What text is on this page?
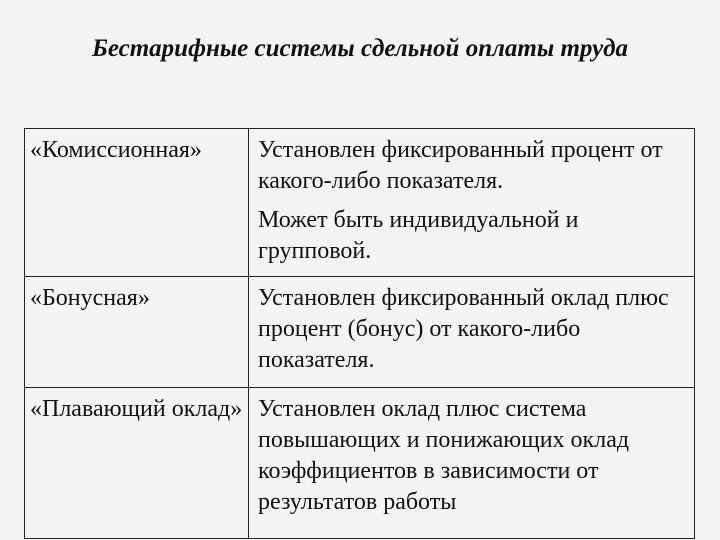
Бестарифные системы сдельной оплаты труда
«Комиссионная»	Установлен фиксированный процент от какого-либо показателя.
Может быть индивидуальной и групповой.

«Бонусная»	Установлен фиксированный оклад плюс процент (бонус) от какого-либо показателя.

«Плавающий оклад»	Установлен оклад плюс система повышающих и понижающих оклад коэффициентов в зависимости от результатов работы
